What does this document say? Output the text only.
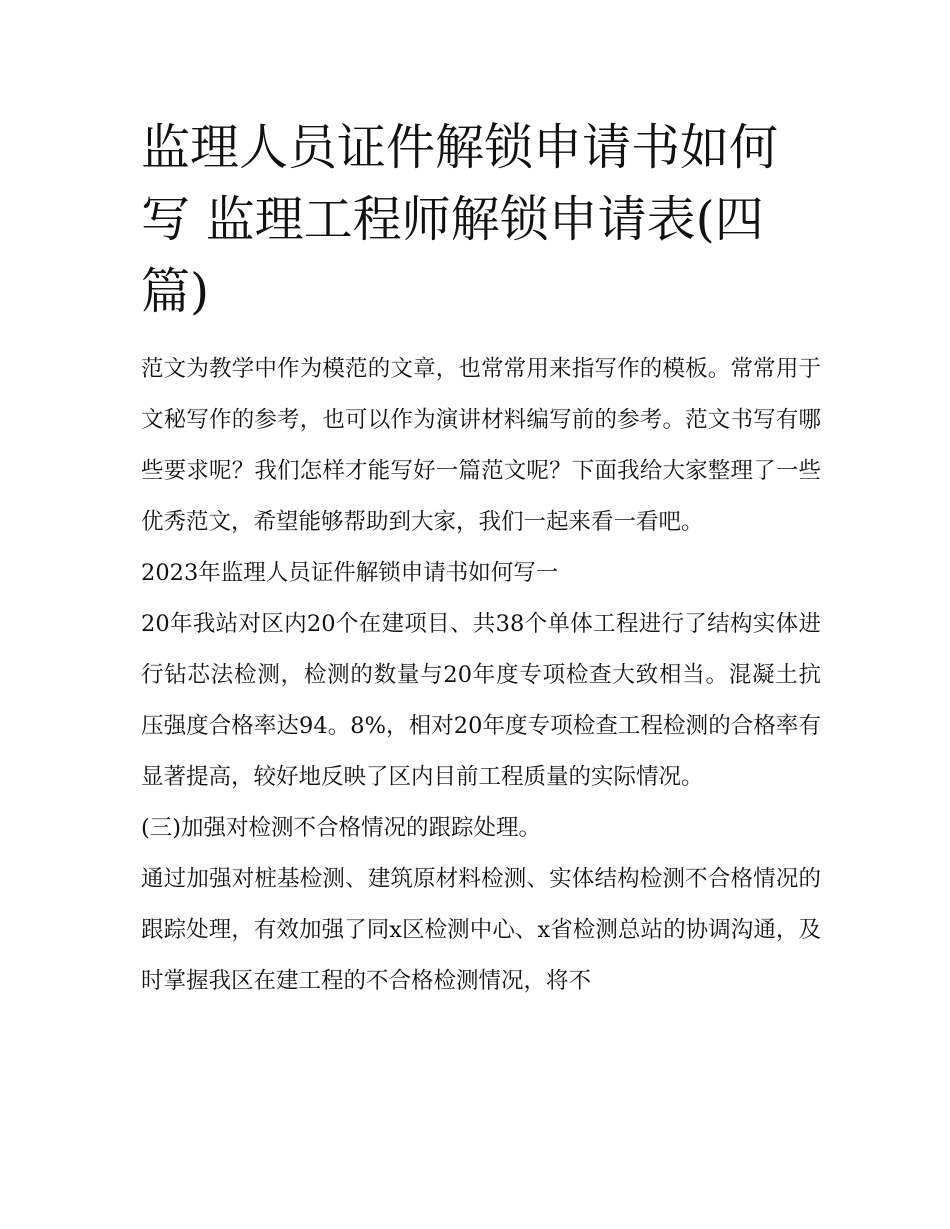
监理人员证件解锁申请书如何写 监理工程师解锁申请表(四篇)

范文为教学中作为模范的文章，也常常用来指写作的模板。常常用于文秘写作的参考，也可以作为演讲材料编写前的参考。范文书写有哪些要求呢？我们怎样才能写好一篇范文呢？下面我给大家整理了一些优秀范文，希望能够帮助到大家，我们一起来看一看吧。

2023年监理人员证件解锁申请书如何写一

20年我站对区内20个在建项目、共38个单体工程进行了结构实体进行钻芯法检测，检测的数量与20年度专项检查大致相当。混凝土抗压强度合格率达94。8%，相对20年度专项检查工程检测的合格率有显著提高，较好地反映了区内目前工程质量的实际情况。

(三)加强对检测不合格情况的跟踪处理。

通过加强对桩基检测、建筑原材料检测、实体结构检测不合格情况的跟踪处理，有效加强了同x区检测中心、x省检测总站的协调沟通，及时掌握我区在建工程的不合格检测情况，将不
